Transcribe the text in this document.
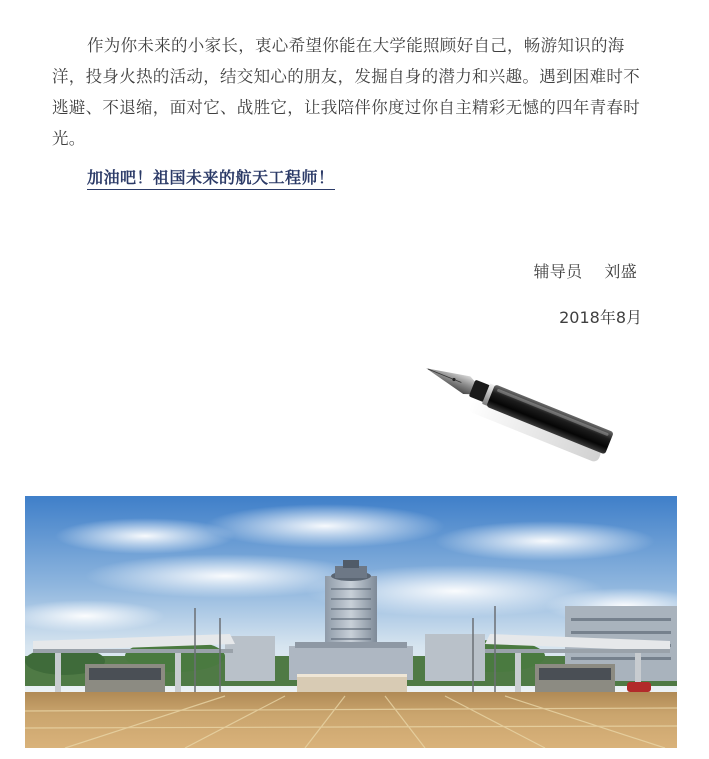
作为你未来的小家长，衷心希望你能在大学能照顾好自己，畅游知识的海洋，投身火热的活动，结交知心的朋友，发掘自身的潜力和兴趣。遇到困难时不逃避、不退缩，面对它、战胜它，让我陪伴你度过你自主精彩无憾的四年青春时光。

加油吧！祖国未来的航天工程师！
辅导员 刘盛
2018年8月
